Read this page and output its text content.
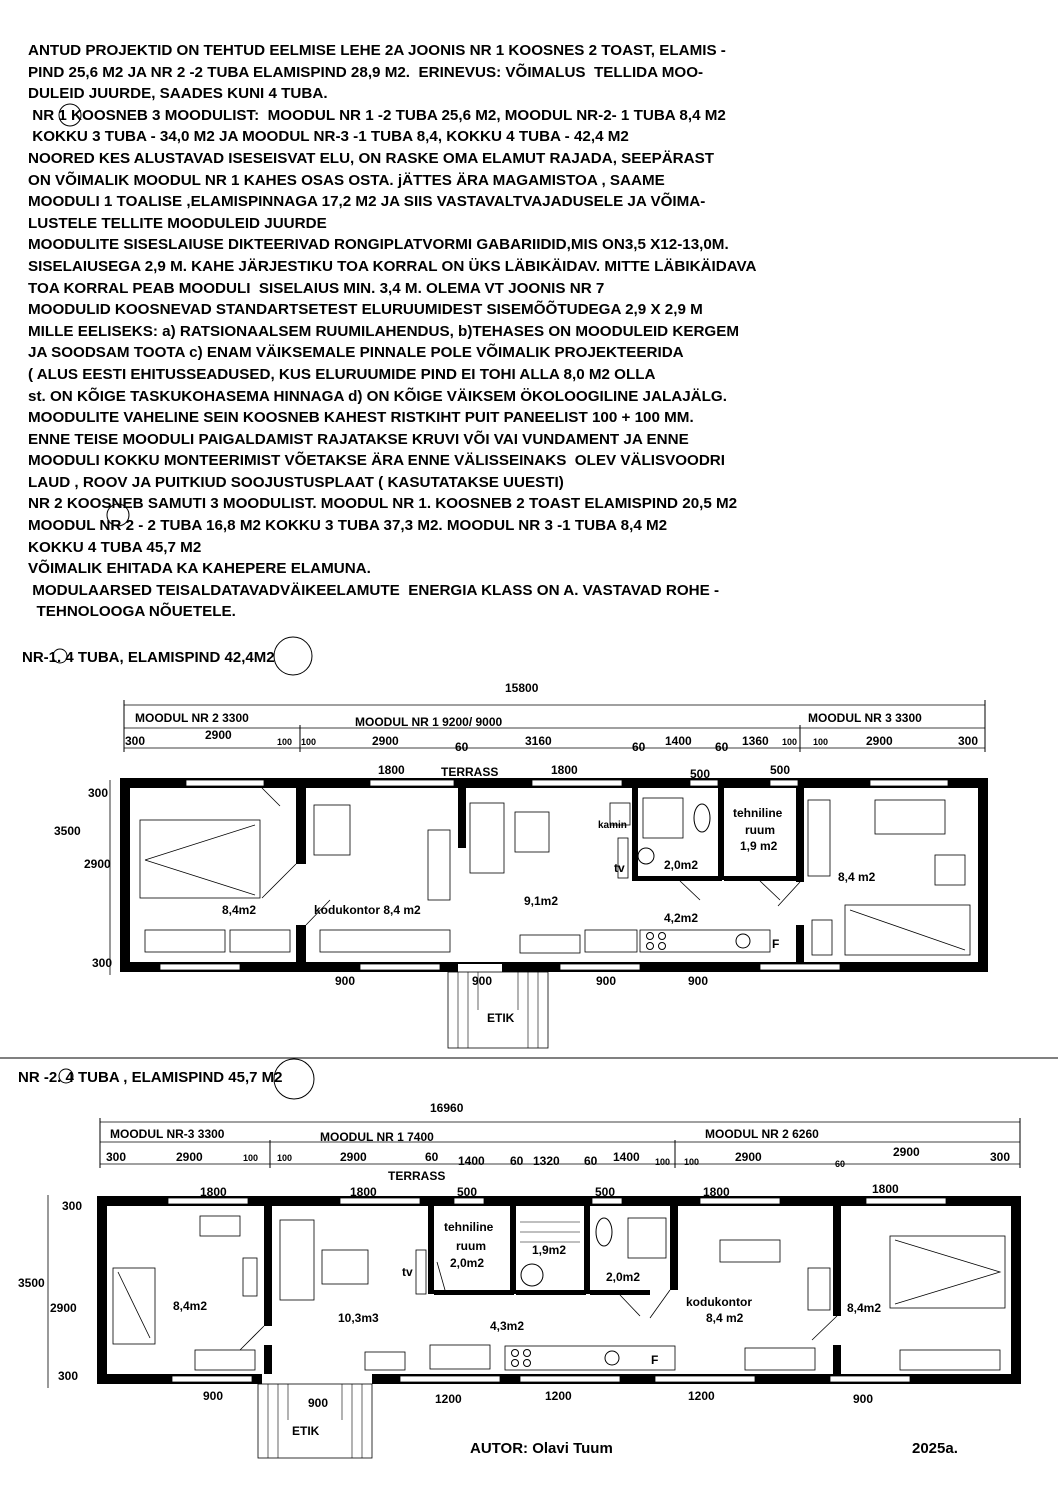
ANTUD PROJEKTID ON TEHTUD EELMISE LEHE 2A JOONIS NR 1 KOOSNES 2 TOAST, ELAMIS -
PIND 25,6 M2 JA NR 2 -2 TUBA ELAMISPIND 28,9 M2.  ERINEVUS: VÕIMALUS  TELLIDA MOO-
DULEID JUURDE, SAADES KUNI 4 TUBA.
NR 1 KOOSNEB 3 MOODULIST:  MOODUL NR 1 -2 TUBA 25,6 M2, MOODUL NR-2- 1 TUBA 8,4 M2
KOKKU 3 TUBA - 34,0 M2 JA MOODUL NR-3 -1 TUBA 8,4, KOKKU 4 TUBA - 42,4 M2
NOORED KES ALUSTAVAD ISESEISVAT ELU, ON RASKE OMA ELAMUT RAJADA, SEEPÄRAST
ON VÕIMALIK MOODUL NR 1 KAHES OSAS OSTA. jÄTTES ÄRA MAGAMISTOA , SAAME
MOODULI 1 TOALISE ,ELAMISPINNAGA 17,2 M2 JA SIIS VASTAVALTVAJADUSELE JA VÕIMA-
LUSTELE TELLITE MOODULEID JUURDE
MOODULITE SISESLAIUSE DIKTEERIVAD RONGIPLATVORMI GABARIIDID,MIS ON3,5 X12-13,0M.
SISELAIUSEGA 2,9 M. KAHE JÄRJESTIKU TOA KORRAL ON ÜKS LÄBIKÄIDAV. MITTE LÄBIKÄIDAVA
TOA KORRAL PEAB MOODULI  SISELAIUS MIN. 3,4 M. OLEMA VT JOONIS NR 7
MOODULID KOOSNEVAD STANDARTSETEST ELURUUMIDEST SISEMÕÕTUDEGA 2,9 X 2,9 M
MILLE EELISEKS: a) RATSIONAALSEM RUUMILAHENDUS, b)TEHASES ON MOODULEID KERGEM
JA SOODSAM TOOTA c) ENAM VÄIKSEMALE PINNALE POLE VÕIMALIK PROJEKTEERIDA
( ALUS EESTI EHITUSSEADUSED, KUS ELURUUMIDE PIND EI TOHI ALLA 8,0 M2 OLLA
st. ON KÕIGE TASKUKOHASEMA HINNAGA d) ON KÕIGE VÄIKSEM ÖKOLOOGILINE JALAJÄLG.
MOODULITE VAHELINE SEIN KOOSNEB KAHEST RISTKIHT PUIT PANEELIST 100 + 100 MM.
ENNE TEISE MOODULI PAIGALDAMIST RAJATAKSE KRUVI VÕI VAI VUNDAMENT JA ENNE
MOODULI KOKKU MONTEERIMIST VÕETAKSE ÄRA ENNE VÄLISSEINAKS  OLEV VÄLISVOODRI
LAUD , ROOV JA PUITKIUD SOOJUSTUSPLAAT ( KASUTATAKSE UUESTI)
NR 2 KOOSNEB SAMUTI 3 MOODULIST. MOODUL NR 1. KOOSNEB 2 TOAST ELAMISPIND 20,5 M2
MOODUL NR 2 - 2 TUBA 16,8 M2 KOKKU 3 TUBA 37,3 M2. MOODUL NR 3 -1 TUBA 8,4 M2
KOKKU 4 TUBA 45,7 M2
VÕIMALIK EHITADA KA KAHEPERE ELAMUNA.
MODULAARSED TEISALDATAVADVÄIKEELAMUTE  ENERGIA KLASS ON A. VASTAVAD ROHE -
TEHNOLOOGA NÕUETELE.
NR-1. 4 TUBA, ELAMISPIND 42,4M2
15800
MOODUL NR 2 3300	MOODUL NR 1 9200/ 9000	MOODUL NR 3 3300
300	2900	100 100	2900	60	3160	60 1400 60 1360 100 100	2900	300
300
3500
2900
300
1800	1800	500	500
TERRASS
8,4m2	kodukontor 8,4 m2
9,1m2
kamin
tv	2,0m2
tehniline
ruum
1,9 m2
4,2m2
8,4 m2
F
900	900	900	900
ETIK
NR -2. 4 TUBA , ELAMISPIND 45,7 M2
16960
MOODUL NR-3 3300	MOODUL NR 1 7400	MOODUL NR 2 6260
300	2900	100 100	2900	60 1400 60 1320 60 1400 100 100	2900	60
2900	300
300
3500
2900
300
1800	1800	500	500	1800	1800
TERRASS
8,4m2
10,3m3
tv
tehniline
ruum
2,0m2
1,9m2
2,0m2
4,3m2
kodukontor
8,4 m2
8,4m2
F
900	900	1200	1200	1200	900
ETIK
AUTOR: Olavi Tuum	2025a.
